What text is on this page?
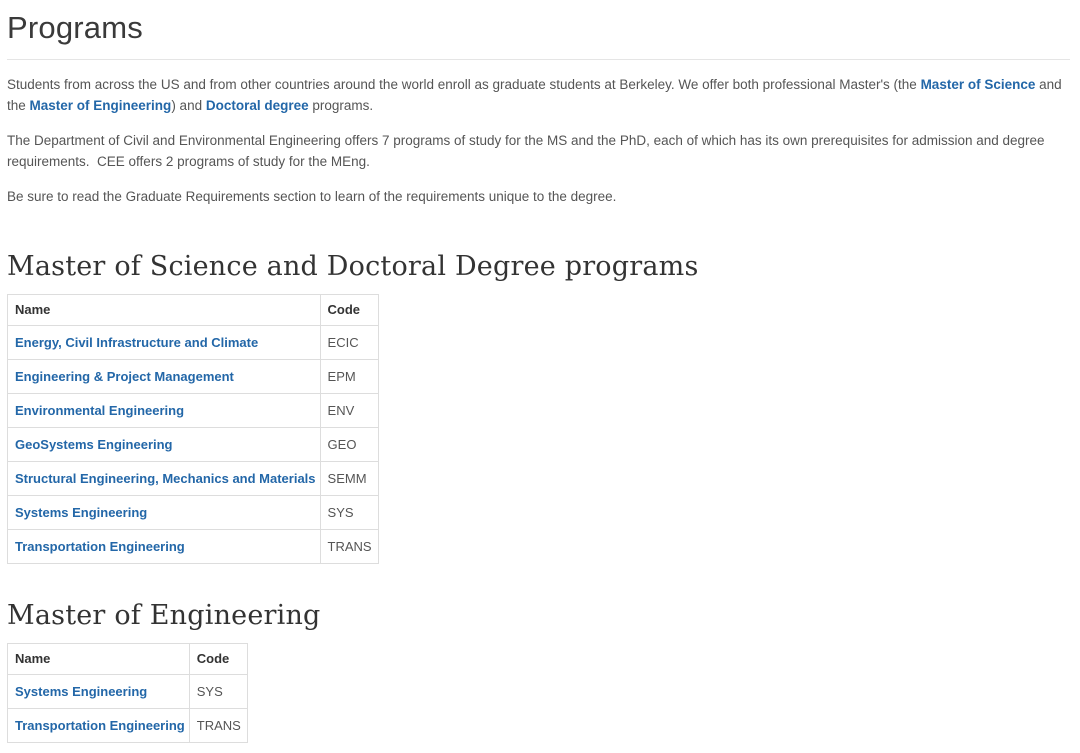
Programs

Students from across the US and from other countries around the world enroll as graduate students at Berkeley. We offer both professional Master's (the Master of Science and the Master of Engineering) and Doctoral degree programs.

The Department of Civil and Environmental Engineering offers 7 programs of study for the MS and the PhD, each of which has its own prerequisites for admission and degree requirements.  CEE offers 2 programs of study for the MEng.

Be sure to read the Graduate Requirements section to learn of the requirements unique to the degree.

Master of Science and Doctoral Degree programs
Name	Code
Energy, Civil Infrastructure and Climate	ECIC
Engineering & Project Management	EPM
Environmental Engineering	ENV
GeoSystems Engineering	GEO
Structural Engineering, Mechanics and Materials	SEMM
Systems Engineering	SYS
Transportation Engineering	TRANS
Master of Engineering
Name	Code
Systems Engineering	SYS
Transportation Engineering	TRANS
